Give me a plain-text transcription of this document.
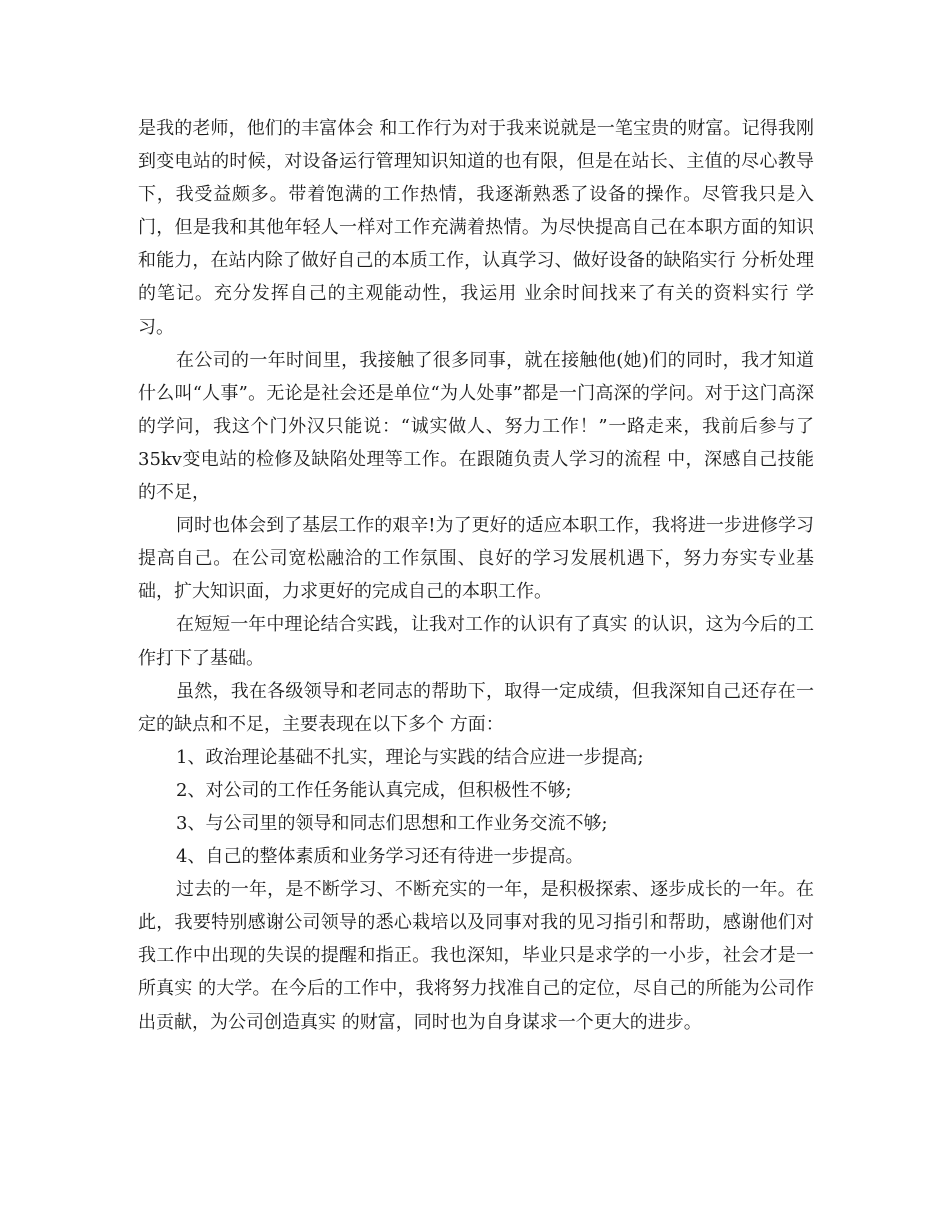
是我的老师，他们的丰富体会 和工作行为对于我来说就是一笔宝贵的财富。记得我刚到变电站的时候，对设备运行管理知识知道的也有限，但是在站长、主值的尽心教导下，我受益颇多。带着饱满的工作热情，我逐渐熟悉了设备的操作。尽管我只是入门，但是我和其他年轻人一样对工作充满着热情。为尽快提高自己在本职方面的知识和能力，在站内除了做好自己的本质工作，认真学习、做好设备的缺陷实行 分析处理的笔记。充分发挥自己的主观能动性，我运用 业余时间找来了有关的资料实行 学习。

在公司的一年时间里，我接触了很多同事，就在接触他(她)们的同时，我才知道什么叫“人事”。无论是社会还是单位“为人处事”都是一门高深的学问。对于这门高深的学问，我这个门外汉只能说：“诚实做人、努力工作！”一路走来，我前后参与了35kv变电站的检修及缺陷处理等工作。在跟随负责人学习的流程 中，深感自己技能 的不足，

同时也体会到了基层工作的艰辛!为了更好的适应本职工作，我将进一步进修学习提高自己。在公司宽松融洽的工作氛围、良好的学习发展机遇下，努力夯实专业基础，扩大知识面，力求更好的完成自己的本职工作。

在短短一年中理论结合实践，让我对工作的认识有了真实 的认识，这为今后的工作打下了基础。

虽然，我在各级领导和老同志的帮助下，取得一定成绩，但我深知自己还存在一定的缺点和不足，主要表现在以下多个 方面：

1、政治理论基础不扎实，理论与实践的结合应进一步提高;

2、对公司的工作任务能认真完成，但积极性不够;

3、与公司里的领导和同志们思想和工作业务交流不够;

4、自己的整体素质和业务学习还有待进一步提高。

过去的一年，是不断学习、不断充实的一年，是积极探索、逐步成长的一年。在此，我要特别感谢公司领导的悉心栽培以及同事对我的见习指引和帮助，感谢他们对我工作中出现的失误的提醒和指正。我也深知，毕业只是求学的一小步，社会才是一所真实 的大学。在今后的工作中，我将努力找准自己的定位，尽自己的所能为公司作出贡献，为公司创造真实 的财富，同时也为自身谋求一个更大的进步。
